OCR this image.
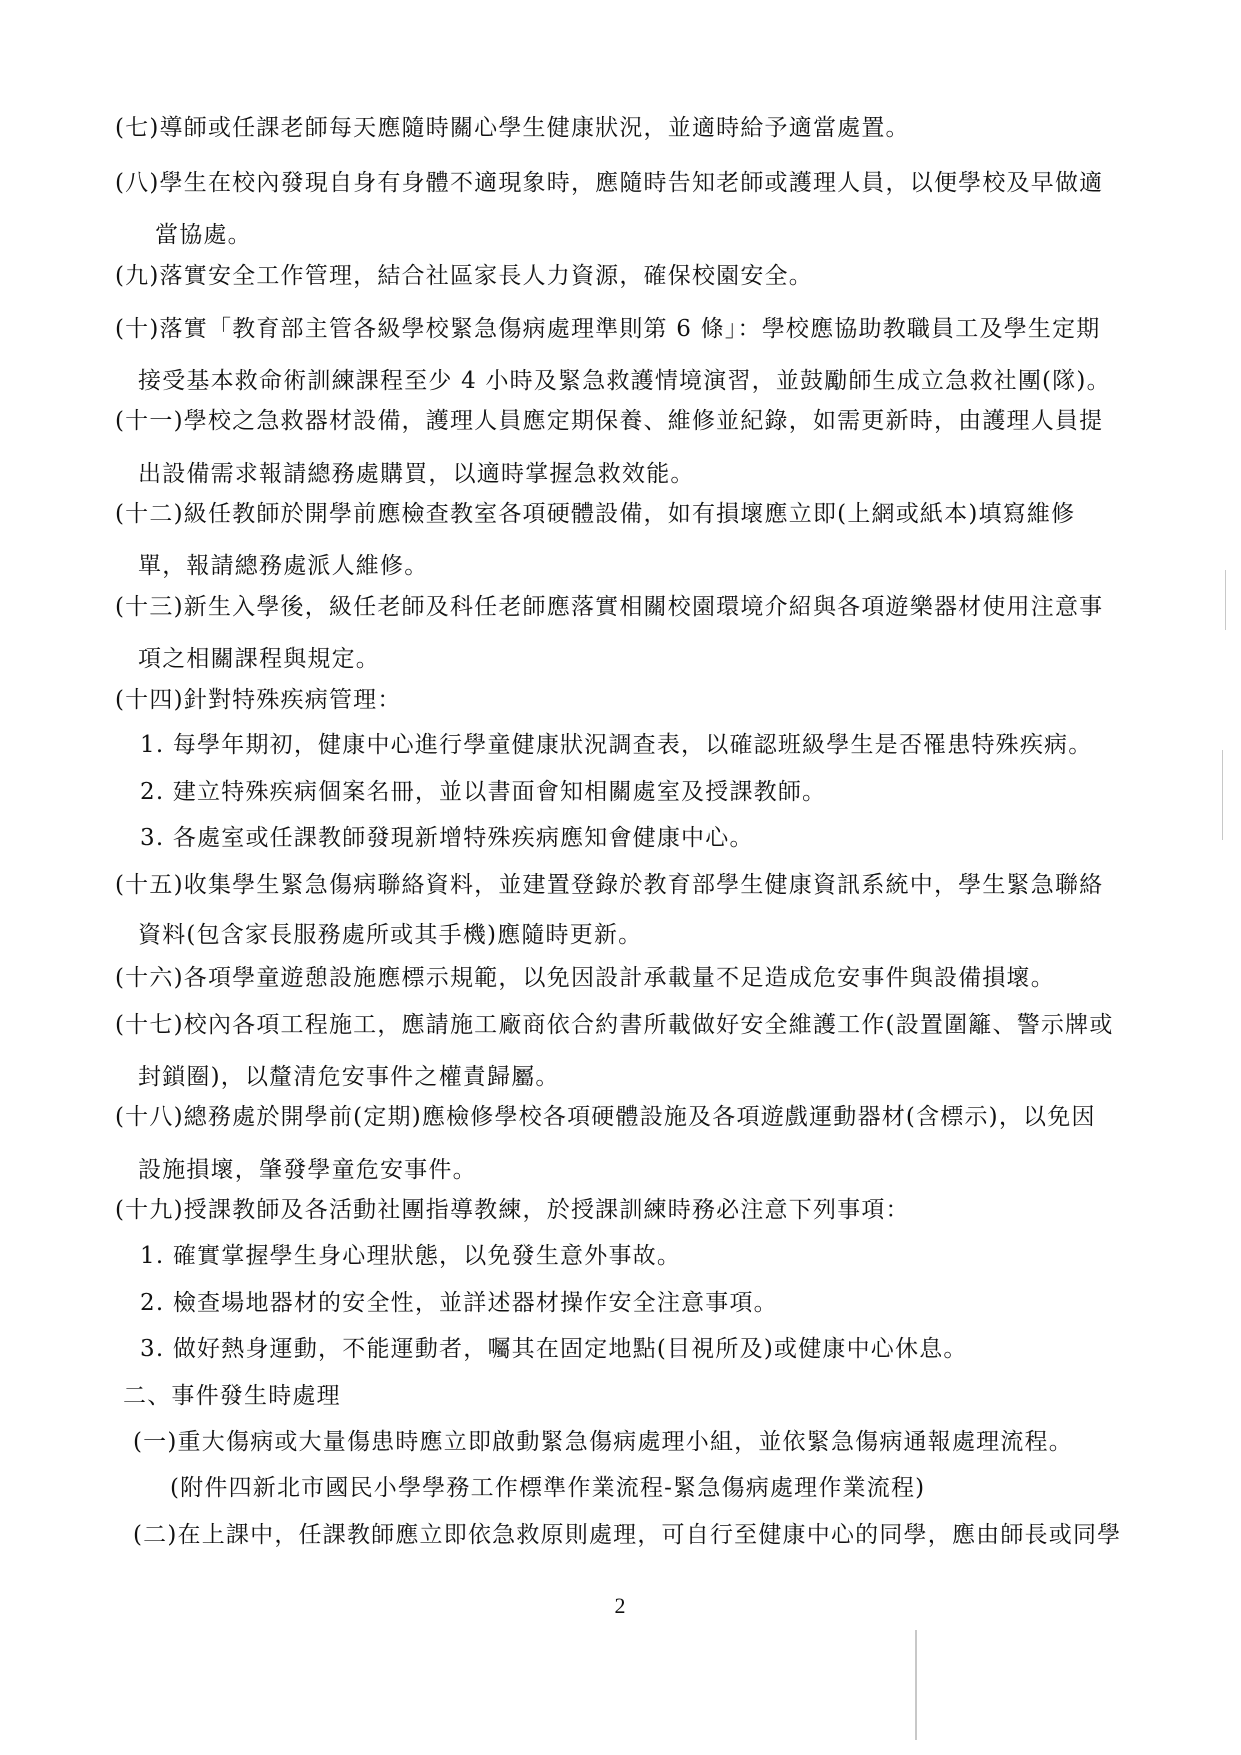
(七)導師或任課老師每天應隨時關心學生健康狀況，並適時給予適當處置。
(八)學生在校內發現自身有身體不適現象時，應隨時告知老師或護理人員，以便學校及早做適
當協處。
(九)落實安全工作管理，結合社區家長人力資源，確保校園安全。
(十)落實「教育部主管各級學校緊急傷病處理準則第 6 條」：學校應協助教職員工及學生定期
接受基本救命術訓練課程至少 4 小時及緊急救護情境演習，並鼓勵師生成立急救社團(隊)。
(十一)學校之急救器材設備，護理人員應定期保養、維修並紀錄，如需更新時，由護理人員提
出設備需求報請總務處購買，以適時掌握急救效能。
(十二)級任教師於開學前應檢查教室各項硬體設備，如有損壞應立即(上網或紙本)填寫維修
單，報請總務處派人維修。
(十三)新生入學後，級任老師及科任老師應落實相關校園環境介紹與各項遊樂器材使用注意事
項之相關課程與規定。
(十四)針對特殊疾病管理：
1. 每學年期初，健康中心進行學童健康狀況調查表，以確認班級學生是否罹患特殊疾病。
2. 建立特殊疾病個案名冊，並以書面會知相關處室及授課教師。
3. 各處室或任課教師發現新增特殊疾病應知會健康中心。
(十五)收集學生緊急傷病聯絡資料，並建置登錄於教育部學生健康資訊系統中，學生緊急聯絡
資料(包含家長服務處所或其手機)應隨時更新。
(十六)各項學童遊憩設施應標示規範，以免因設計承載量不足造成危安事件與設備損壞。
(十七)校內各項工程施工，應請施工廠商依合約書所載做好安全維護工作(設置圍籬、警示牌或
封鎖圈)，以釐清危安事件之權責歸屬。
(十八)總務處於開學前(定期)應檢修學校各項硬體設施及各項遊戲運動器材(含標示)，以免因
設施損壞，肇發學童危安事件。
(十九)授課教師及各活動社團指導教練，於授課訓練時務必注意下列事項：
1. 確實掌握學生身心理狀態，以免發生意外事故。
2. 檢查場地器材的安全性，並詳述器材操作安全注意事項。
3. 做好熱身運動，不能運動者，囑其在固定地點(目視所及)或健康中心休息。
二、事件發生時處理
(一)重大傷病或大量傷患時應立即啟動緊急傷病處理小組，並依緊急傷病通報處理流程。
(附件四新北市國民小學學務工作標準作業流程-緊急傷病處理作業流程)
(二)在上課中，任課教師應立即依急救原則處理，可自行至健康中心的同學，應由師長或同學
2
